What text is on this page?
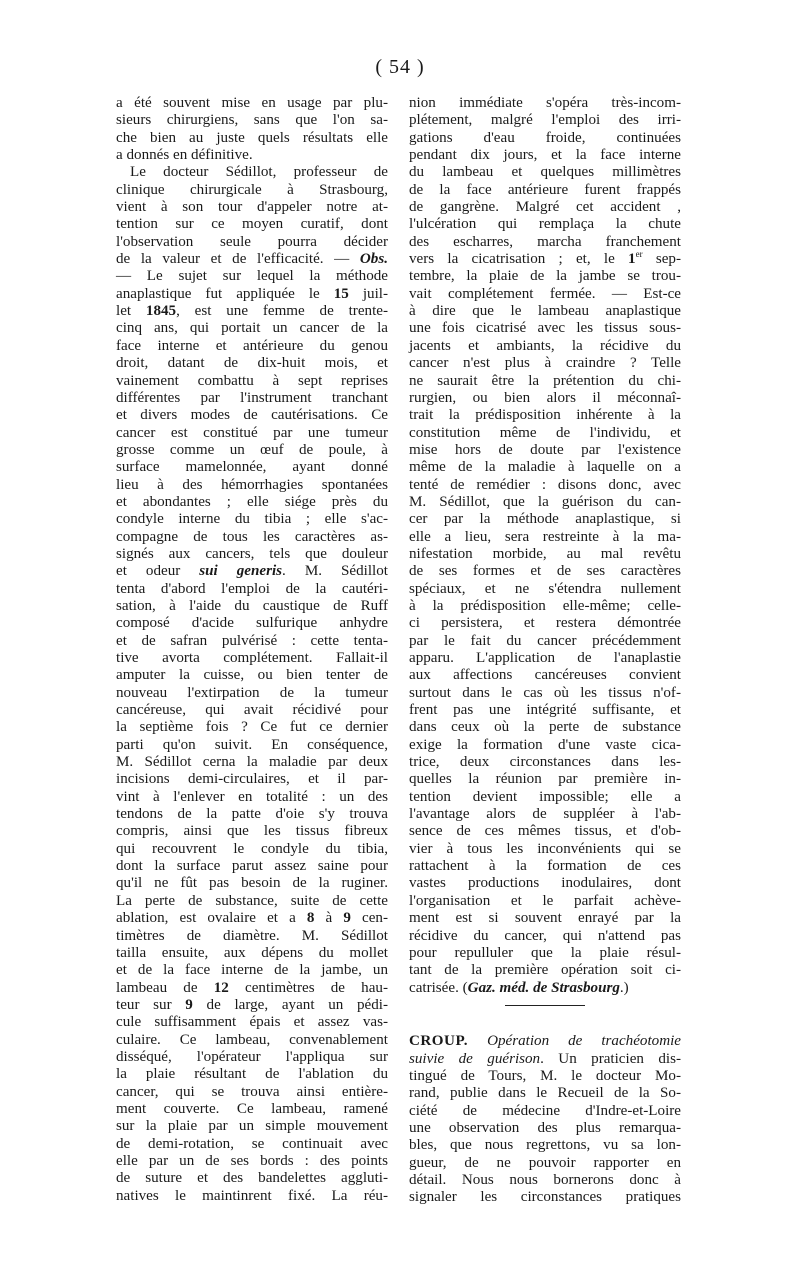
( 54 )
a été souvent mise en usage par plu-
sieurs chirurgiens, sans que l'on sa-
che bien au juste quels résultats elle
a donnés en définitive.
Le docteur Sédillot, professeur de
clinique chirurgicale à Strasbourg,
vient à son tour d'appeler notre at-
tention sur ce moyen curatif, dont
l'observation seule pourra décider
de la valeur et de l'efficacité. — Obs.
— Le sujet sur lequel la méthode
anaplastique fut appliquée le 15 juil-
let 1845, est une femme de trente-
cinq ans, qui portait un cancer de la
face interne et antérieure du genou
droit, datant de dix-huit mois, et
vainement combattu à sept reprises
différentes par l'instrument tranchant
et divers modes de cautérisations. Ce
cancer est constitué par une tumeur
grosse comme un œuf de poule, à
surface mamelonnée, ayant donné
lieu à des hémorrhagies spontanées
et abondantes ; elle siége près du
condyle interne du tibia ; elle s'ac-
compagne de tous les caractères as-
signés aux cancers, tels que douleur
et odeur sui generis. M. Sédillot
tenta d'abord l'emploi de la cautéri-
sation, à l'aide du caustique de Ruff
composé d'acide sulfurique anhydre
et de safran pulvérisé : cette tenta-
tive avorta complétement. Fallait-il
amputer la cuisse, ou bien tenter de
nouveau l'extirpation de la tumeur
cancéreuse, qui avait récidivé pour
la septième fois ? Ce fut ce dernier
parti qu'on suivit. En conséquence,
M. Sédillot cerna la maladie par deux
incisions demi-circulaires, et il par-
vint à l'enlever en totalité : un des
tendons de la patte d'oie s'y trouva
compris, ainsi que les tissus fibreux
qui recouvrent le condyle du tibia,
dont la surface parut assez saine pour
qu'il ne fût pas besoin de la ruginer.
La perte de substance, suite de cette
ablation, est ovalaire et a 8 à 9 cen-
timètres de diamètre. M. Sédillot
tailla ensuite, aux dépens du mollet
et de la face interne de la jambe, un
lambeau de 12 centimètres de hau-
teur sur 9 de large, ayant un pédi-
cule suffisamment épais et assez vas-
culaire. Ce lambeau, convenablement
disséqué, l'opérateur l'appliqua sur
la plaie résultant de l'ablation du
cancer, qui se trouva ainsi entière-
ment couverte. Ce lambeau, ramené
sur la plaie par un simple mouvement
de demi-rotation, se continuait avec
elle par un de ses bords : des points
de suture et des bandelettes aggluti-
natives le maintinrent fixé. La réu-
nion immédiate s'opéra très-incom-
plétement, malgré l'emploi des irri-
gations d'eau froide, continuées
pendant dix jours, et la face interne
du lambeau et quelques millimètres
de la face antérieure furent frappés
de gangrène. Malgré cet accident ,
l'ulcération qui remplaça la chute
des escharres, marcha franchement
vers la cicatrisation ; et, le 1er sep-
tembre, la plaie de la jambe se trou-
vait complétement fermée. — Est-ce
à dire que le lambeau anaplastique
une fois cicatrisé avec les tissus sous-
jacents et ambiants, la récidive du
cancer n'est plus à craindre ? Telle
ne saurait être la prétention du chi-
rurgien, ou bien alors il méconnaî-
trait la prédisposition inhérente à la
constitution même de l'individu, et
mise hors de doute par l'existence
même de la maladie à laquelle on a
tenté de remédier : disons donc, avec
M. Sédillot, que la guérison du can-
cer par la méthode anaplastique, si
elle a lieu, sera restreinte à la ma-
nifestation morbide, au mal revêtu
de ses formes et de ses caractères
spéciaux, et ne s'étendra nullement
à la prédisposition elle-même; celle-
ci persistera, et restera démontrée
par le fait du cancer précédemment
apparu. L'application de l'anaplastie
aux affections cancéreuses convient
surtout dans le cas où les tissus n'of-
frent pas une intégrité suffisante, et
dans ceux où la perte de substance
exige la formation d'une vaste cica-
trice, deux circonstances dans les-
quelles la réunion par première in-
tention devient impossible; elle a
l'avantage alors de suppléer à l'ab-
sence de ces mêmes tissus, et d'ob-
vier à tous les inconvénients qui se
rattachent à la formation de ces
vastes productions inodulaires, dont
l'organisation et le parfait achève-
ment est si souvent enrayé par la
récidive du cancer, qui n'attend pas
pour repulluler que la plaie résul-
tant de la première opération soit ci-
catrisée. (Gaz. méd. de Strasbourg.)
CROUP. Opération de trachéotomie
suivie de guérison. Un praticien dis-
tingué de Tours, M. le docteur Mo-
rand, publie dans le Recueil de la So-
ciété de médecine d'Indre-et-Loire
une observation des plus remarqua-
bles, que nous regrettons, vu sa lon-
gueur, de ne pouvoir rapporter en
détail. Nous nous bornerons donc à
signaler les circonstances pratiques
